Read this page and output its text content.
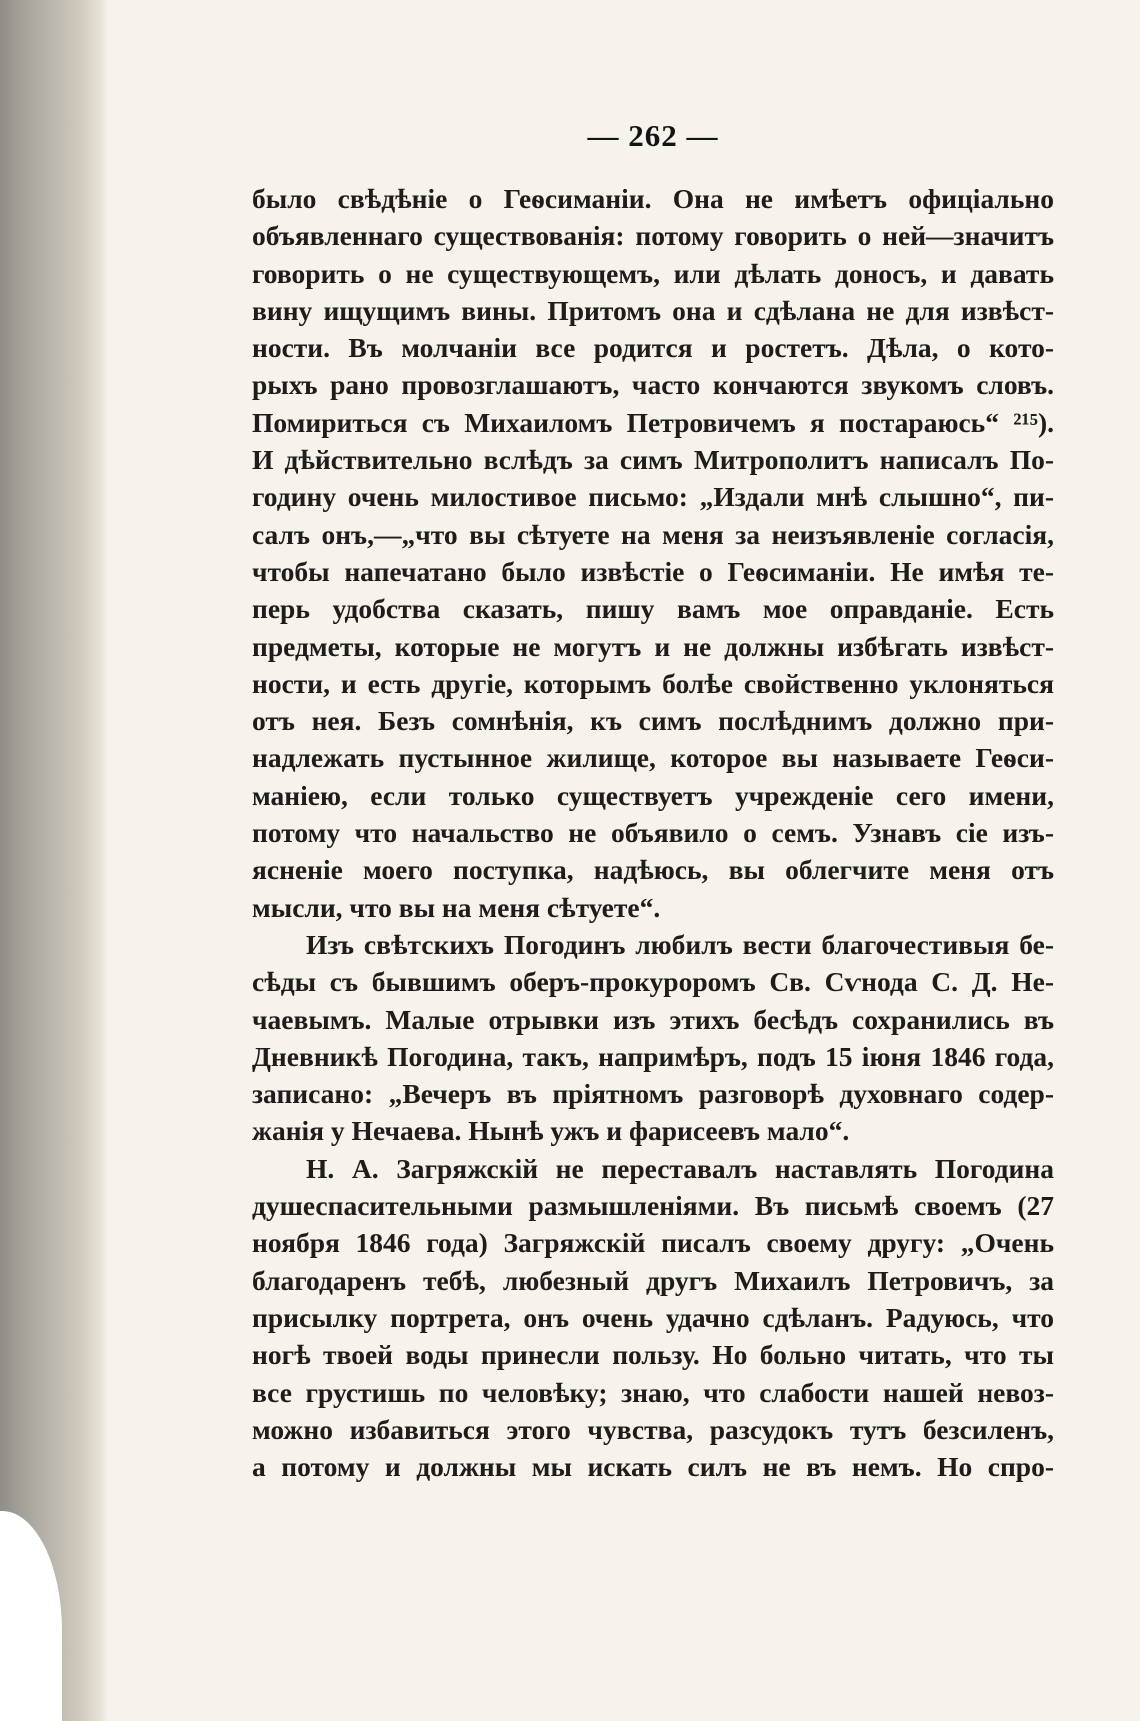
— 262 —
было свѣдѣніе о Геѳсиманіи. Она не имѣетъ офиціально
объявленнаго существованія: потому говорить о ней—значитъ
говорить о не существующемъ, или дѣлать доносъ, и давать
вину ищущимъ вины. Притомъ она и сдѣлана не для извѣст-
ности. Въ молчаніи все родится и ростетъ. Дѣла, о кото-
рыхъ рано провозглашаютъ, часто кончаются звукомъ словъ.
Помириться съ Михаиломъ Петровичемъ я постараюсь“ ²¹⁵).
И дѣйствительно вслѣдъ за симъ Митрополитъ написалъ По-
годину очень милостивое письмо: „Издали мнѣ слышно“, пи-
салъ онъ,—„что вы сѣтуете на меня за неизъявленіе согласія,
чтобы напечатано было извѣстіе о Геѳсиманіи. Не имѣя те-
перь удобства сказать, пишу вамъ мое оправданіе. Есть
предметы, которые не могутъ и не должны избѣгать извѣст-
ности, и есть другіе, которымъ болѣе свойственно уклоняться
отъ нея. Безъ сомнѣнія, къ симъ послѣднимъ должно при-
надлежать пустынное жилище, которое вы называете Геѳси-
маніею, если только существуетъ учрежденіе сего имени,
потому что начальство не объявило о семъ. Узнавъ сіе изъ-
ясненіе моего поступка, надѣюсь, вы облегчите меня отъ
мысли, что вы на меня сѣтуете“.
Изъ свѣтскихъ Погодинъ любилъ вести благочестивыя бе-
сѣды съ бывшимъ оберъ-прокуроромъ Св. Сѵнода С. Д. Не-
чаевымъ. Малые отрывки изъ этихъ бесѣдъ сохранились въ
Дневникѣ Погодина, такъ, напримѣръ, подъ 15 іюня 1846 года,
записано: „Вечеръ въ пріятномъ разговорѣ духовнаго содер-
жанія у Нечаева. Нынѣ ужъ и фарисеевъ мало“.
Н. А. Загряжскій не переставалъ наставлять Погодина
душеспасительными размышленіями. Въ письмѣ своемъ (27
ноября 1846 года) Загряжскій писалъ своему другу: „Очень
благодаренъ тебѣ, любезный другъ Михаилъ Петровичъ, за
присылку портрета, онъ очень удачно сдѣланъ. Радуюсь, что
ногѣ твоей воды принесли пользу. Но больно читать, что ты
все грустишь по человѣку; знаю, что слабости нашей невоз-
можно избавиться этого чувства, разсудокъ тутъ безсиленъ,
а потому и должны мы искать силъ не въ немъ. Но спро-
